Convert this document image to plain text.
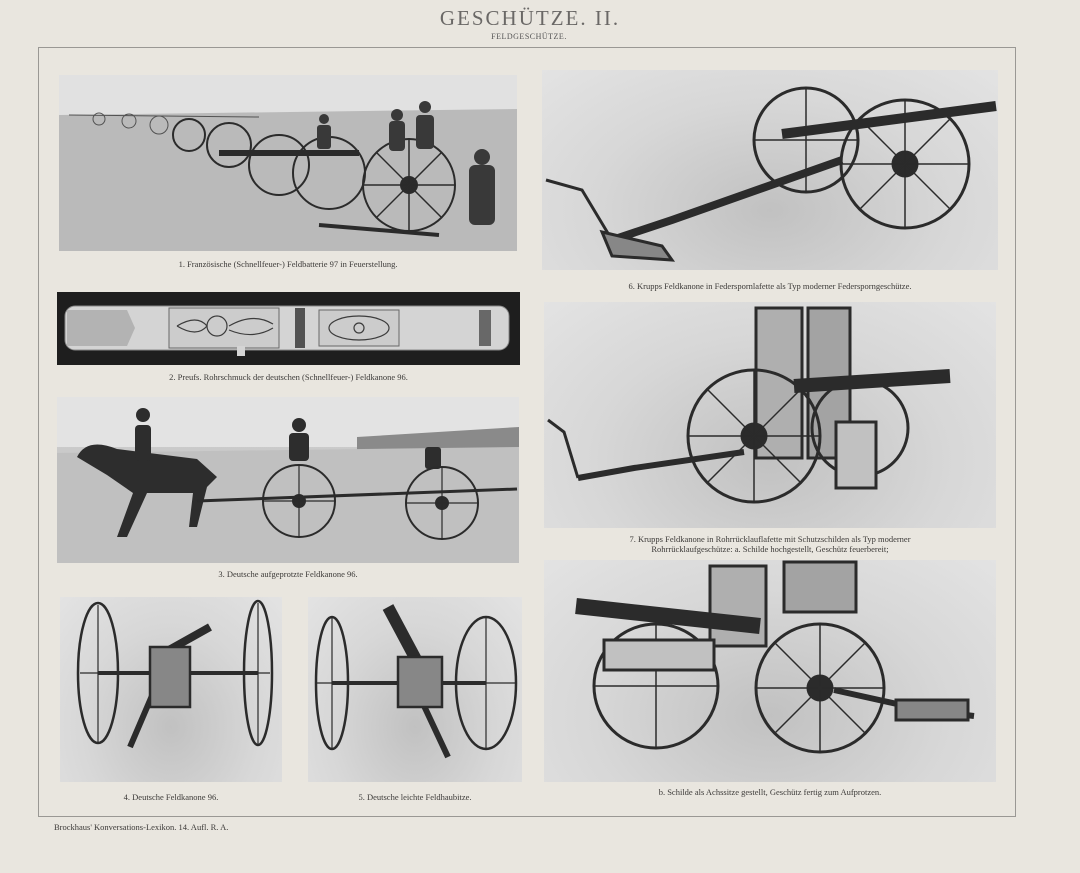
GESCHÜTZE. II.
FELDGESCHÜTZE.
1. Französische (Schnellfeuer-) Feldbatterie 97 in Feuerstellung.
2. Preufs. Rohrschmuck der deutschen (Schnellfeuer-) Feldkanone 96.
3. Deutsche aufgeprotzte Feldkanone 96.
4. Deutsche Feldkanone 96.	5. Deutsche leichte Feldhaubitze.
6. Krupps Feldkanone in Federspornlafette als Typ moderner Federsporngeschütze.
7. Krupps Feldkanone in Rohrrücklauflafette mit Schutzschilden als Typ moderner
Rohrrücklaufgeschütze: a. Schilde hochgestellt, Geschütz feuerbereit;
b. Schilde als Achssitze gestellt, Geschütz fertig zum Aufprotzen.
Brockhaus' Konversations-Lexikon. 14. Aufl. R. A.
